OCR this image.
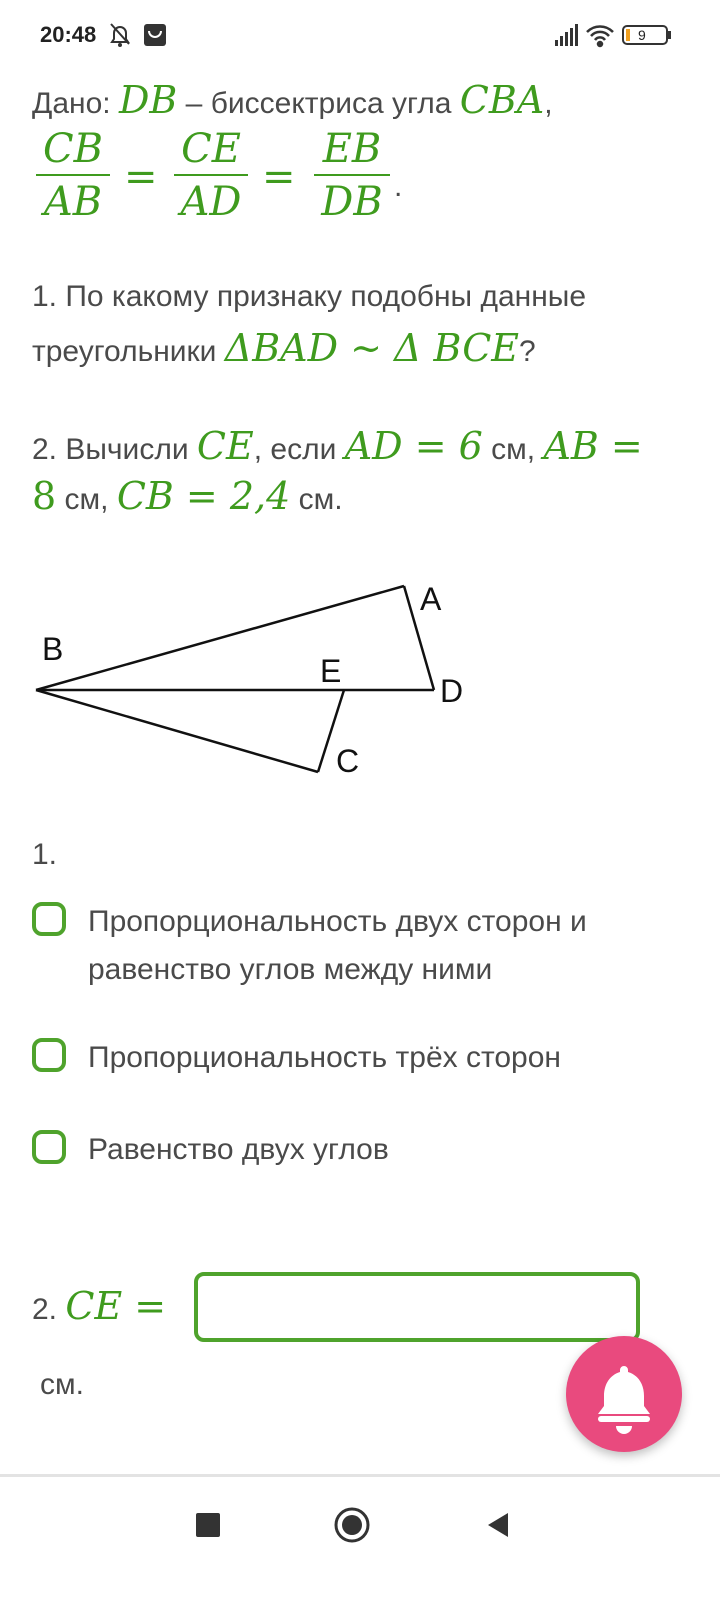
20:48	9
Дано: DB – биссектриса угла CBA,
$\frac{CB}{AB} = \frac{CE}{AD} = \frac{EB}{DB}$ .
1. По какому признаку подобны данные
треугольники ΔBAD ∼ Δ BCE?
2. Вычисли CE, если AD = 6 см, AB =
8 см, CB = 2,4 см.
A
B
E
D
C
1.
Пропорциональность двух сторон и
равенство углов между ними
Пропорциональность трёх сторон
Равенство двух углов
2. CE =
см.
